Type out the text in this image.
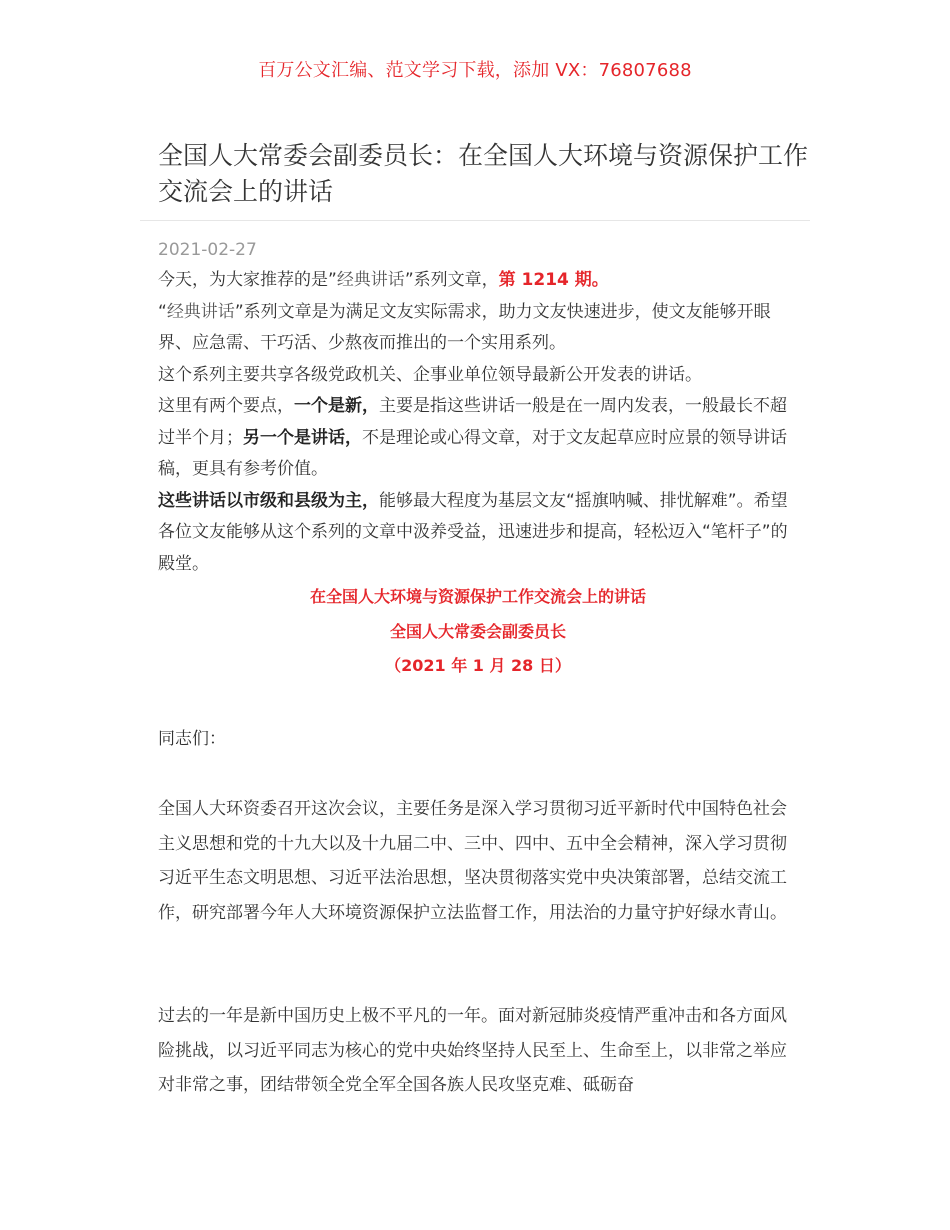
百万公文汇编、范文学习下载，添加 VX：76807688
全国人大常委会副委员长：在全国人大环境与资源保护工作交流会上的讲话
2021-02-27

今天，为大家推荐的是”经典讲话”系列文章，第 1214 期。

“经典讲话”系列文章是为满足文友实际需求，助力文友快速进步，使文友能够开眼界、应急需、干巧活、少熬夜而推出的一个实用系列。

这个系列主要共享各级党政机关、企事业单位领导最新公开发表的讲话。

这里有两个要点，一个是新，主要是指这些讲话一般是在一周内发表，一般最长不超过半个月；另一个是讲话，不是理论或心得文章，对于文友起草应时应景的领导讲话稿，更具有参考价值。

这些讲话以市级和县级为主，能够最大程度为基层文友“摇旗呐喊、排忧解难”。希望各位文友能够从这个系列的文章中汲养受益，迅速进步和提高，轻松迈入“笔杆子”的殿堂。

在全国人大环境与资源保护工作交流会上的讲话
全国人大常委会副委员长
（2021 年 1 月 28 日）

同志们：

全国人大环资委召开这次会议，主要任务是深入学习贯彻习近平新时代中国特色社会主义思想和党的十九大以及十九届二中、三中、四中、五中全会精神，深入学习贯彻习近平生态文明思想、习近平法治思想，坚决贯彻落实党中央决策部署，总结交流工作，研究部署今年人大环境资源保护立法监督工作，用法治的力量守护好绿水青山。

过去的一年是新中国历史上极不平凡的一年。面对新冠肺炎疫情严重冲击和各方面风险挑战，以习近平同志为核心的党中央始终坚持人民至上、生命至上，以非常之举应对非常之事，团结带领全党全军全国各族人民攻坚克难、砥砺奋
